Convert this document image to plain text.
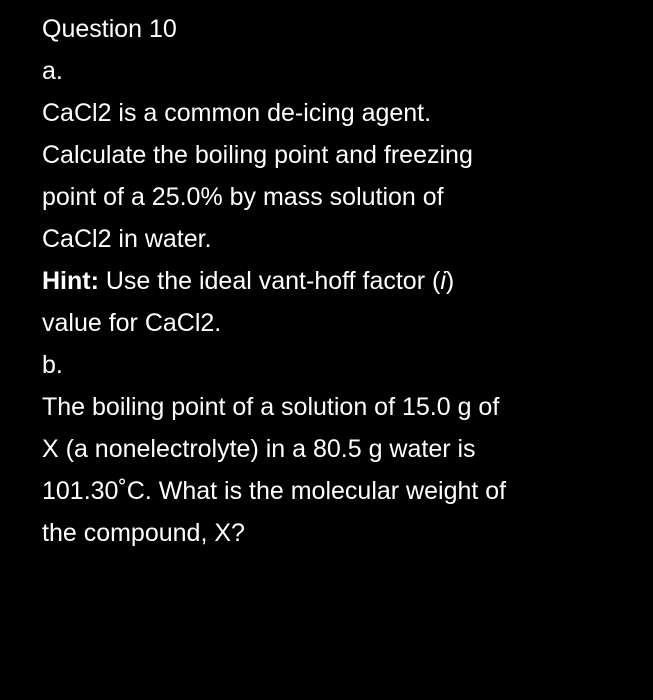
Question 10
a.
CaCl2 is a common de-icing agent.
Calculate the boiling point and freezing
point of a 25.0% by mass solution of
CaCl2 in water.
Hint: Use the ideal vant-hoff factor (i)
value for CaCl2.
b.
The boiling point of a solution of 15.0 g of
X (a nonelectrolyte) in a 80.5 g water is
101.30˚C. What is the molecular weight of
the compound, X?
